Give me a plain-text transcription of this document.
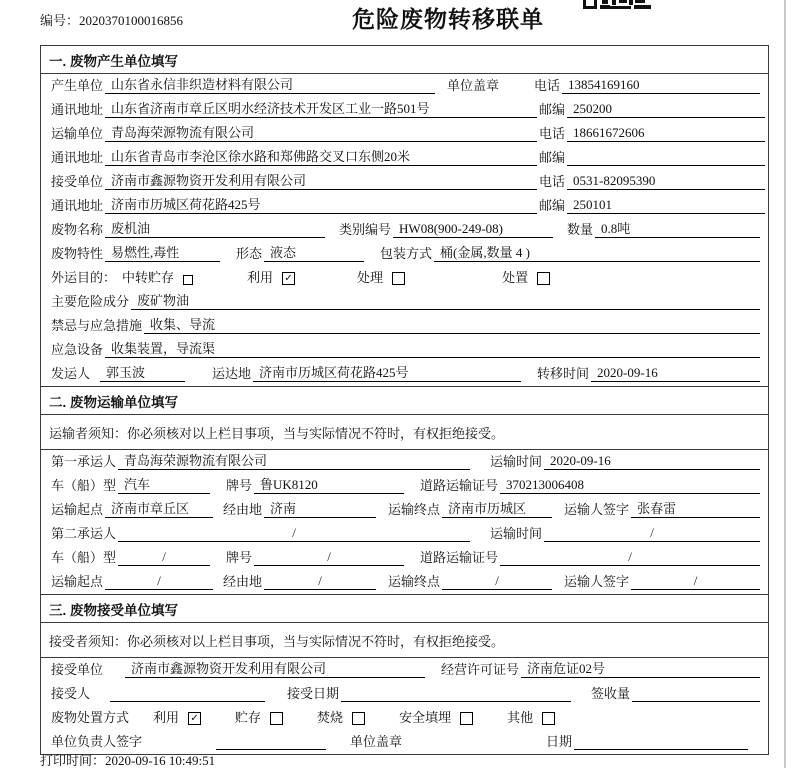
编号：2020370100016856	危险废物转移联单
一. 废物产生单位填写
产生单位 山东省永信非织造材料有限公司	单位盖章	电话 13854169160
通讯地址 山东省济南市章丘区明水经济技术开发区工业一路501号	邮编 250200
运输单位 青岛海荣源物流有限公司	电话 18661672606
通讯地址 山东省青岛市李沧区徐水路和郑佛路交叉口东侧20米	邮编
接受单位 济南市鑫源物资开发利用有限公司	电话 0531-82095390
通讯地址 济南市历城区荷花路425号	邮编 250101
废物名称 废机油	类别编号 HW08(900-249-08)	数量 0.8吨
废物特性 易燃性,毒性	形态 液态	包装方式 桶(金属,数量 4 )
外运目的： 中转贮存	利用 ✓	处理	处置
主要危险成分 废矿物油
禁忌与应急措施 收集、导流
应急设备 收集装置，导流渠
发运人	郭玉波	运达地 济南市历城区荷花路425号	转移时间 2020-09-16
二. 废物运输单位填写
运输者须知：你必须核对以上栏目事项，当与实际情况不符时，有权拒绝接受。
第一承运人 青岛海荣源物流有限公司	运输时间 2020-09-16
车（船）型 汽车	牌号 鲁UK8120	道路运输证号 370213006408
运输起点 济南市章丘区	经由地 济南	运输终点 济南市历城区	运输人签字 张春雷
第二承运人	/	运输时间	/
车（船）型	/	牌号	/	道路运输证号	/
运输起点	/	经由地	/	运输终点	/	运输人签字	/
三. 废物接受单位填写
接受者须知：你必须核对以上栏目事项，当与实际情况不符时，有权拒绝接受。
接受单位	济南市鑫源物资开发利用有限公司	经营许可证号 济南危证02号
接受人	接受日期	签收量
废物处置方式 利用 ✓	贮存	焚烧	安全填埋	其他
单位负责人签字	单位盖章	日期
打印时间：2020-09-16 10:49:51
